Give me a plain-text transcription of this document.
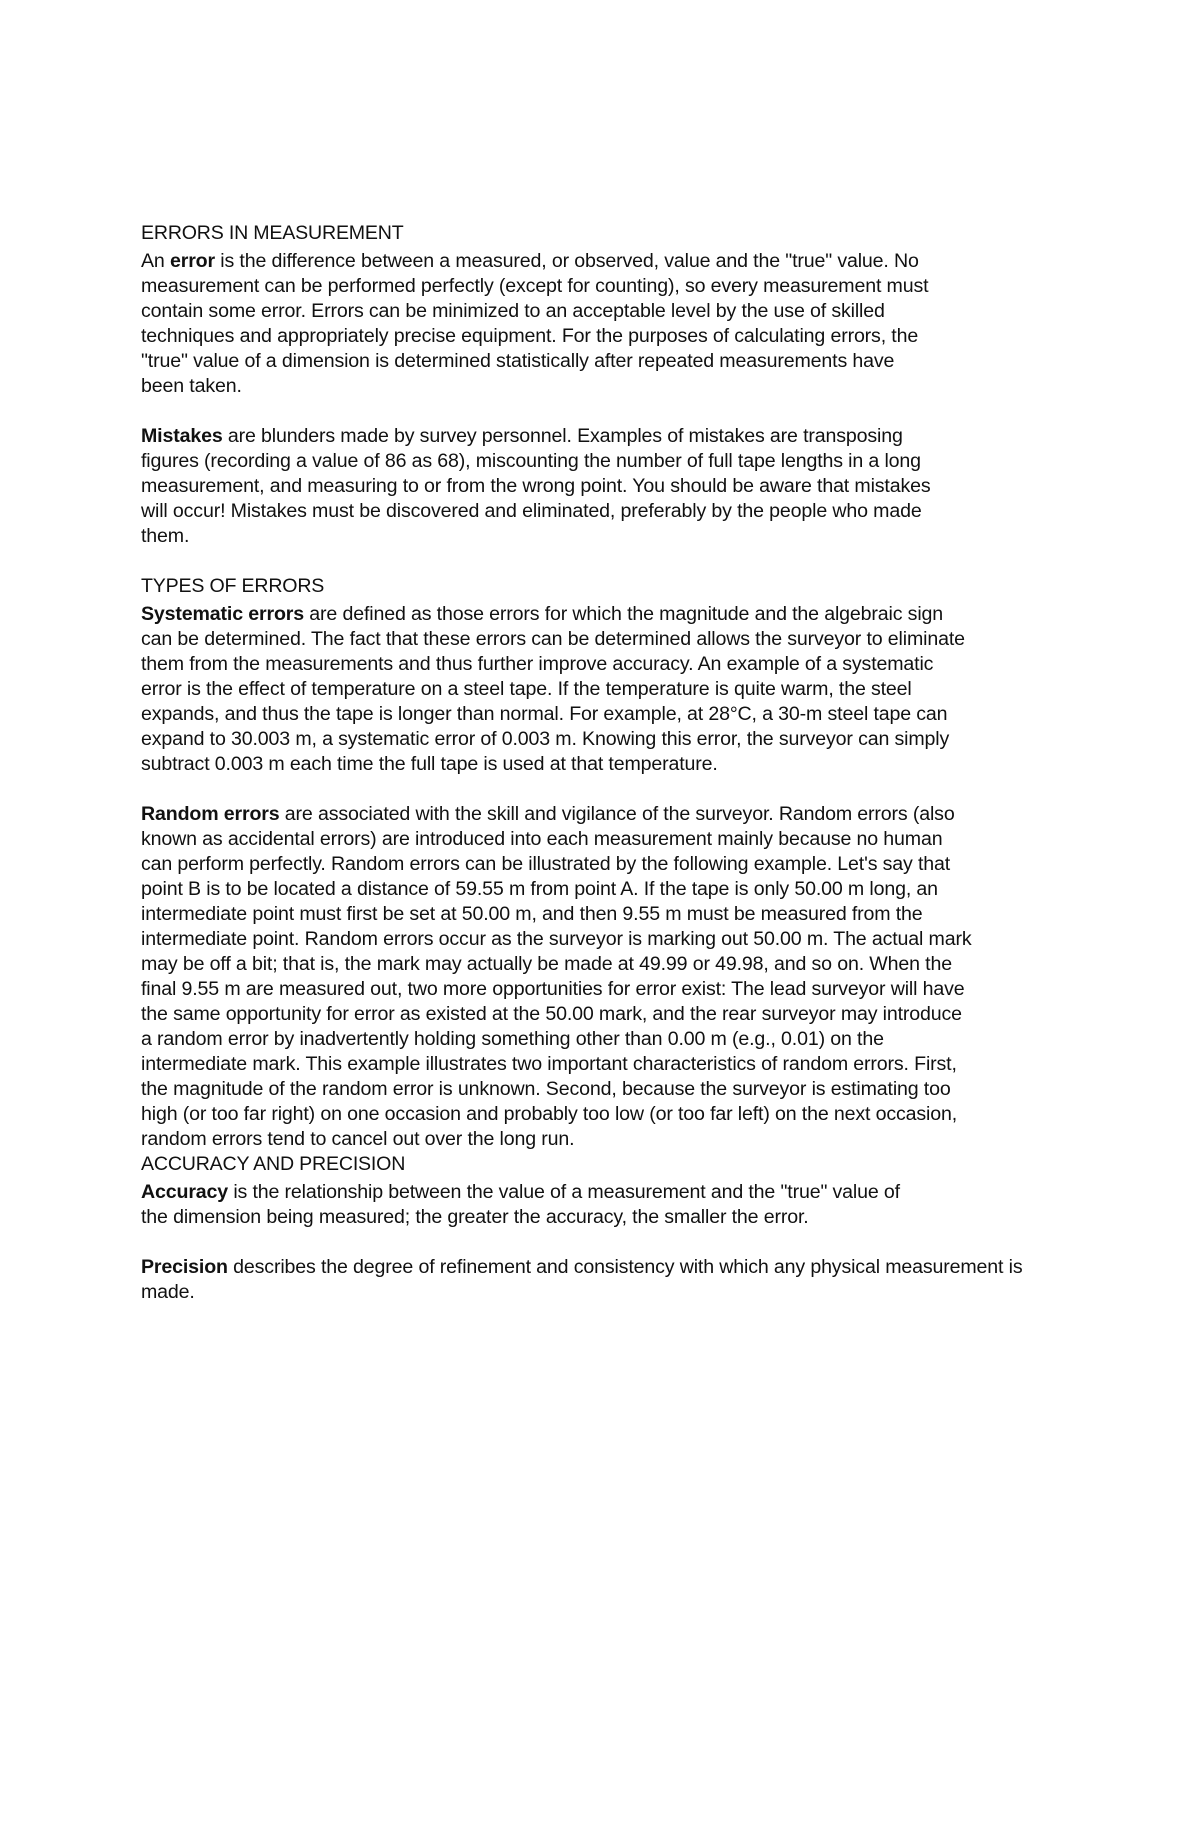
ERRORS IN MEASUREMENT

An error is the difference between a measured, or observed, value and the "true" value. No
measurement can be performed perfectly (except for counting), so every measurement must
contain some error. Errors can be minimized to an acceptable level by the use of skilled
techniques and appropriately precise equipment. For the purposes of calculating errors, the
"true" value of a dimension is determined statistically after repeated measurements have
been taken.

Mistakes are blunders made by survey personnel. Examples of mistakes are transposing
figures (recording a value of 86 as 68), miscounting the number of full tape lengths in a long
measurement, and measuring to or from the wrong point. You should be aware that mistakes
will occur! Mistakes must be discovered and eliminated, preferably by the people who made
them.

TYPES OF ERRORS

Systematic errors are defined as those errors for which the magnitude and the algebraic sign
can be determined. The fact that these errors can be determined allows the surveyor to eliminate
them from the measurements and thus further improve accuracy. An example of a systematic
error is the effect of temperature on a steel tape. If the temperature is quite warm, the steel
expands, and thus the tape is longer than normal. For example, at 28°C, a 30-m steel tape can
expand to 30.003 m, a systematic error of 0.003 m. Knowing this error, the surveyor can simply
subtract 0.003 m each time the full tape is used at that temperature.

Random errors are associated with the skill and vigilance of the surveyor. Random errors (also
known as accidental errors) are introduced into each measurement mainly because no human
can perform perfectly. Random errors can be illustrated by the following example. Let's say that
point B is to be located a distance of 59.55 m from point A. If the tape is only 50.00 m long, an
intermediate point must first be set at 50.00 m, and then 9.55 m must be measured from the
intermediate point. Random errors occur as the surveyor is marking out 50.00 m. The actual mark
may be off a bit; that is, the mark may actually be made at 49.99 or 49.98, and so on. When the
final 9.55 m are measured out, two more opportunities for error exist: The lead surveyor will have
the same opportunity for error as existed at the 50.00 mark, and the rear surveyor may introduce
a random error by inadvertently holding something other than 0.00 m (e.g., 0.01) on the
intermediate mark. This example illustrates two important characteristics of random errors. First,
the magnitude of the random error is unknown. Second, because the surveyor is estimating too
high (or too far right) on one occasion and probably too low (or too far left) on the next occasion,
random errors tend to cancel out over the long run.

ACCURACY AND PRECISION

Accuracy is the relationship between the value of a measurement and the "true" value of
the dimension being measured; the greater the accuracy, the smaller the error.

Precision describes the degree of refinement and consistency with which any physical measurement is
made.
